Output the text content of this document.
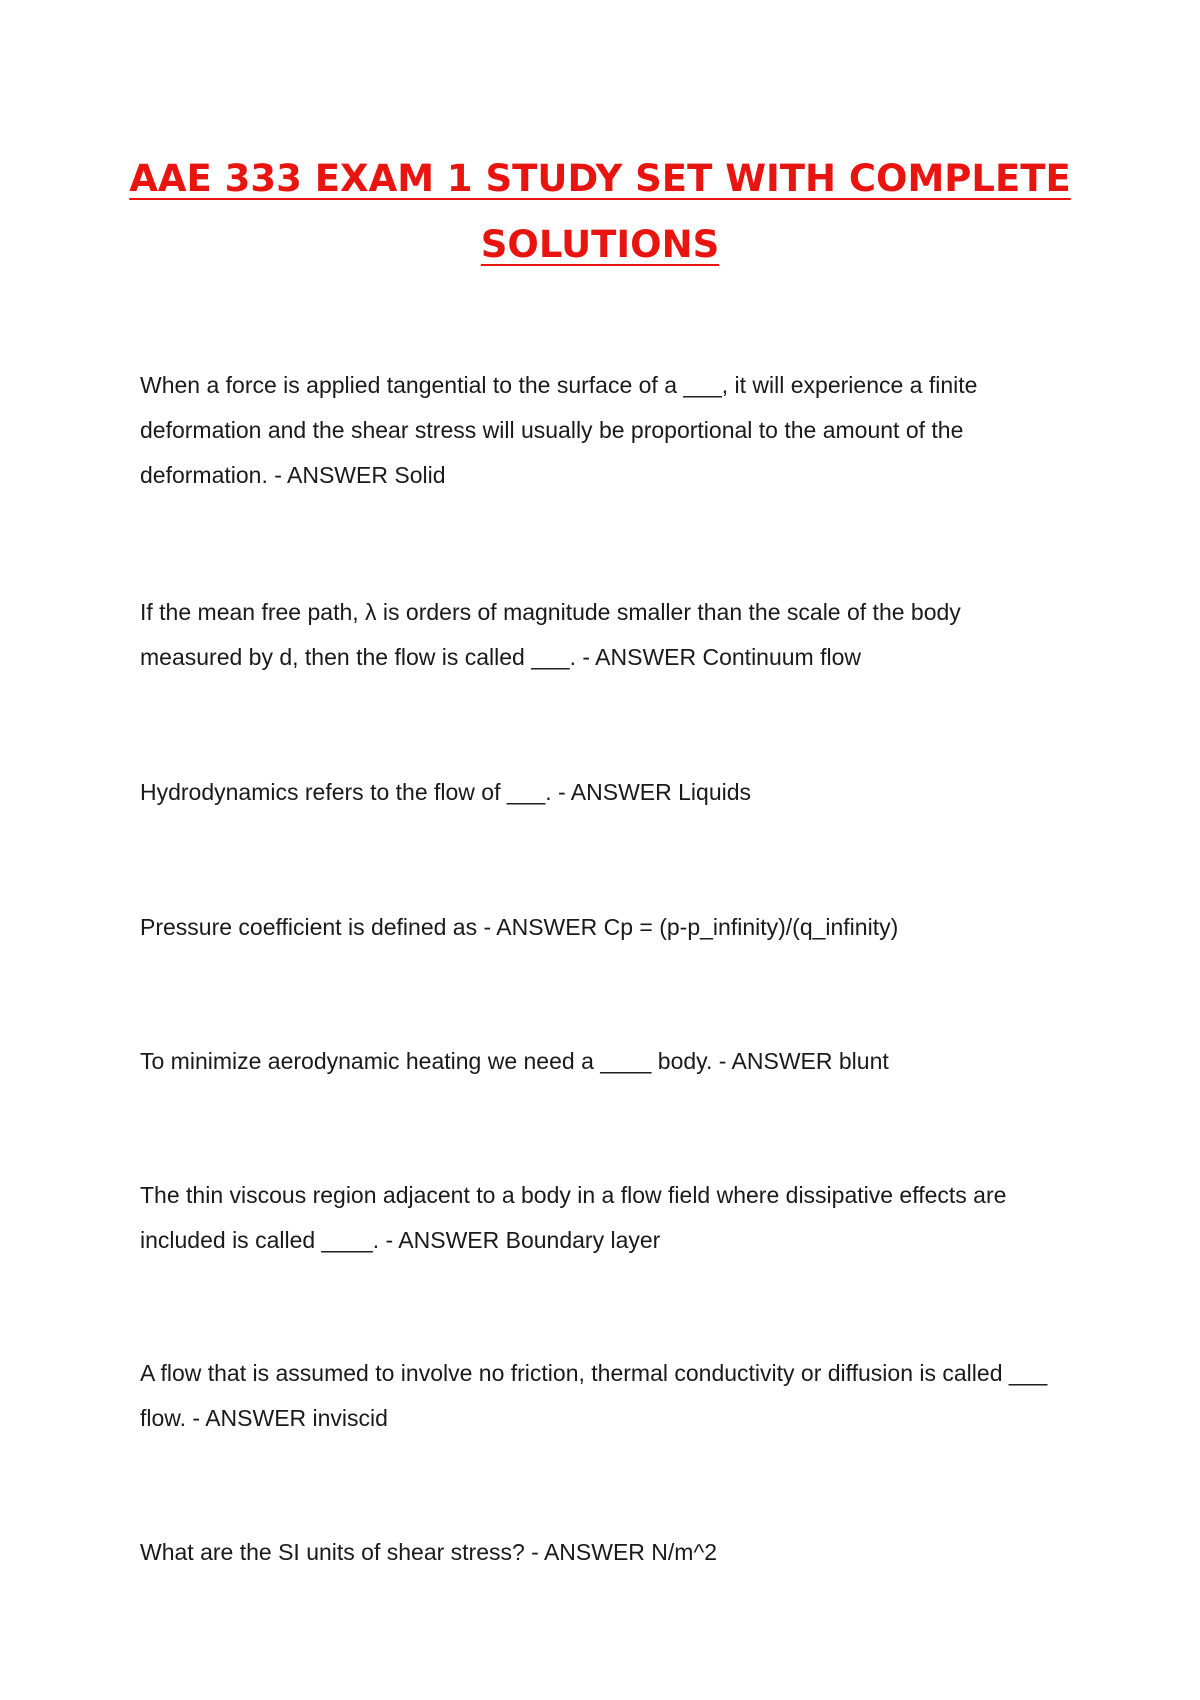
AAE 333 EXAM 1 STUDY SET WITH COMPLETE
SOLUTIONS

When a force is applied tangential to the surface of a ___, it will experience a finite deformation and the shear stress will usually be proportional to the amount of the deformation. - ANSWER Solid

If the mean free path, λ is orders of magnitude smaller than the scale of the body measured by d, then the flow is called ___. - ANSWER Continuum flow

Hydrodynamics refers to the flow of ___. - ANSWER Liquids

Pressure coefficient is defined as - ANSWER Cp = (p-p_infinity)/(q_infinity)

To minimize aerodynamic heating we need a ____ body. - ANSWER blunt

The thin viscous region adjacent to a body in a flow field where dissipative effects are included is called ____. - ANSWER Boundary layer

A flow that is assumed to involve no friction, thermal conductivity or diffusion is called ___ flow. - ANSWER inviscid

What are the SI units of shear stress? - ANSWER N/m^2
